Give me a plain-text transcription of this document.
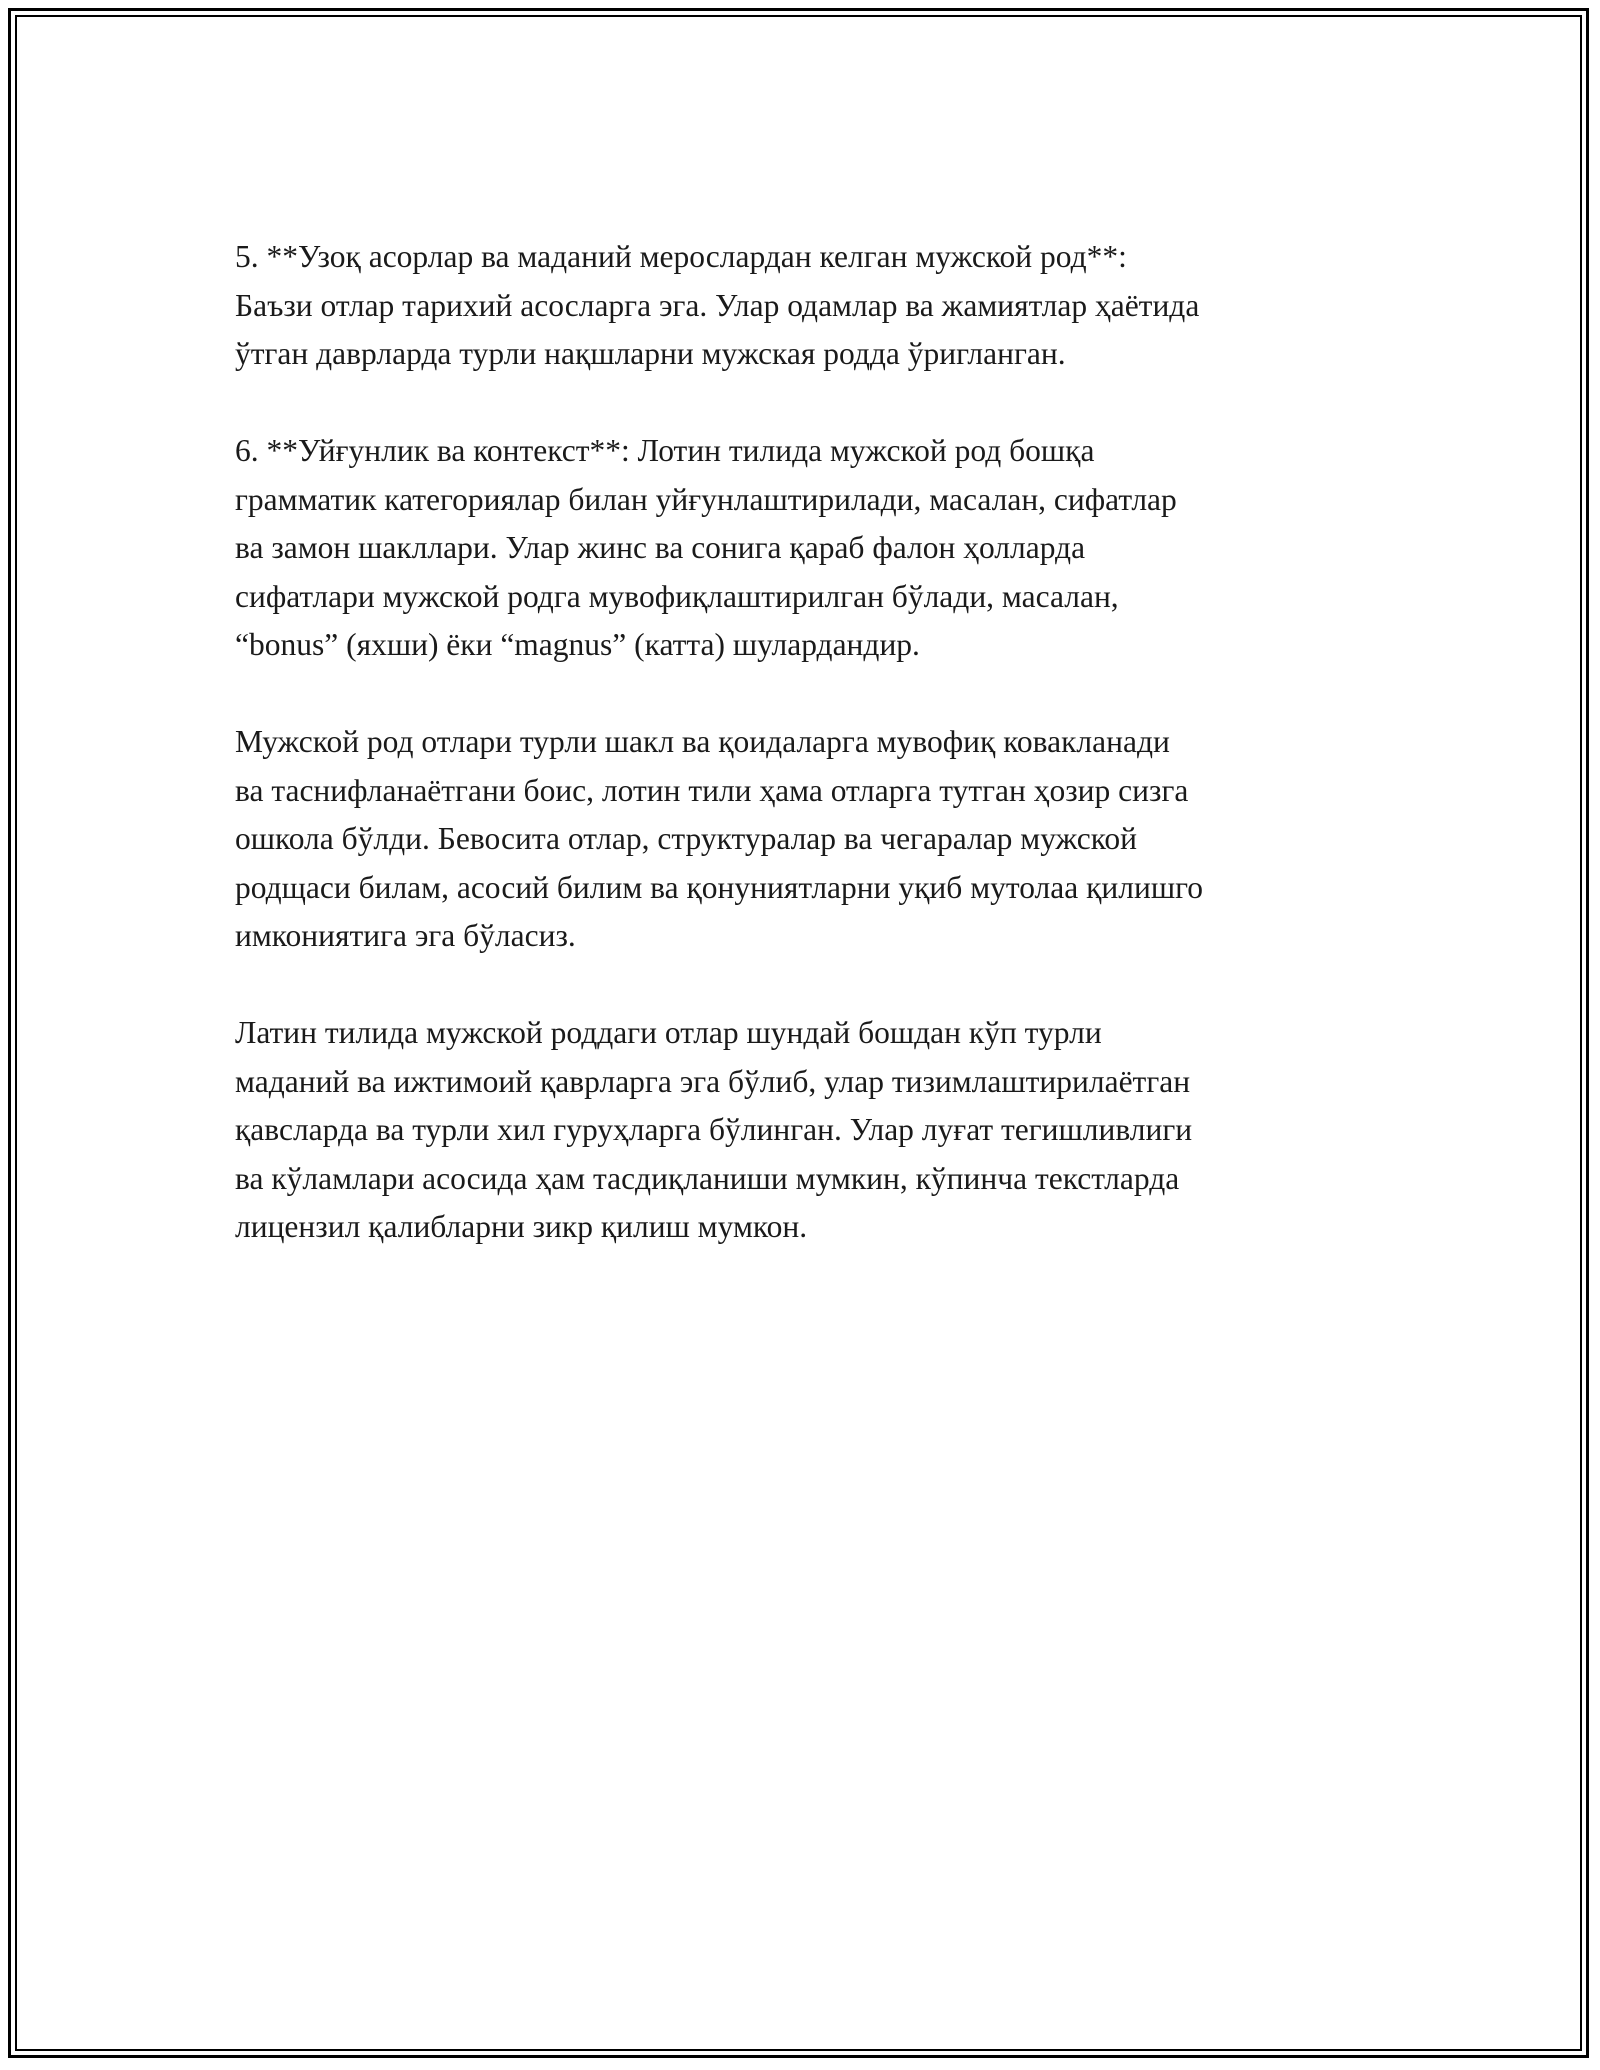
5. **Узоқ асорлар ва маданий мерослардан келган мужской род**:
Баъзи отлар тарихий асосларга эга. Улар одамлар ва жамиятлар ҳаётида
ўтган даврларда турли нақшларни мужская родда ўригланган.

6. **Уйғунлик ва контекст**: Лотин тилида мужской род бошқа
грамматик категориялар билан уйғунлаштирилади, масалан, сифатлар
ва замон шакллари. Улар жинс ва сонига қараб фалон ҳолларда
сифатлари мужской родга мувофиқлаштирилган бўлади, масалан,
“bonus” (яхши) ёки “magnus” (катта) шулардандир.

Мужской род отлари турли шакл ва қоидаларга мувофиқ ковакланади
ва таснифланаётгани боис, лотин тили ҳама отларга тутган ҳозир сизга
ошкола бўлди. Бевосита отлар, структуралар ва чегаралар мужской
родщаси билам, асосий билим ва қонуниятларни уқиб мутолаа қилишго
имкониятига эга бўласиз.

Латин тилида мужской роддаги отлар шундай бошдан кўп турли
маданий ва ижтимоий қаврларга эга бўлиб, улар тизимлаштирилаётган
қавсларда ва турли хил гуруҳларга бўлинган. Улар луғат тегишливлиги
ва кўламлари асосида ҳам тасдиқланиши мумкин, кўпинча текстларда
лицензил қалибларни зикр қилиш мумкон.
